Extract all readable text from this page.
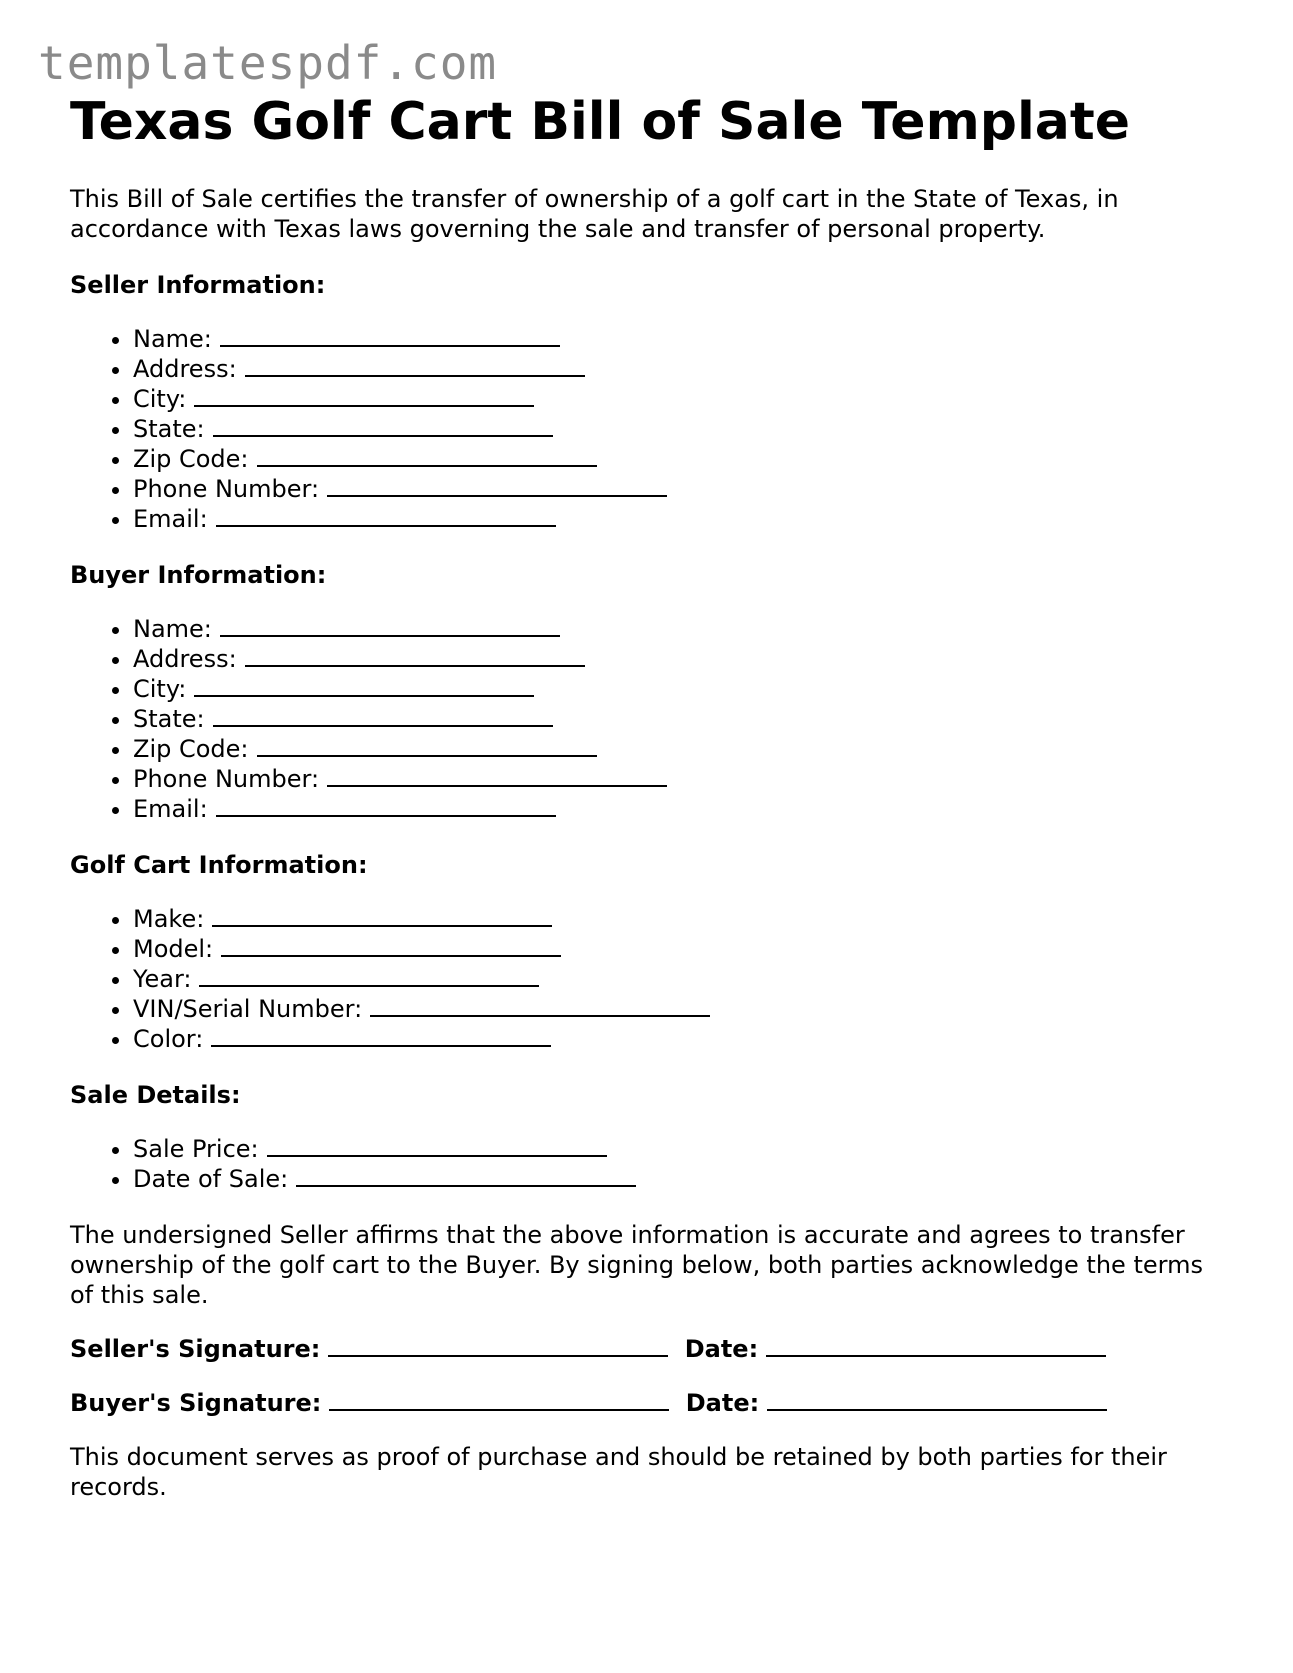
templatespdf.com
Texas Golf Cart Bill of Sale Template

This Bill of Sale certifies the transfer of ownership of a golf cart in the State of Texas, in accordance with Texas laws governing the sale and transfer of personal property.

Seller Information:
• Name:
• Address:
• City:
• State:
• Zip Code:
• Phone Number:
• Email:
Buyer Information:
• Name:
• Address:
• City:
• State:
• Zip Code:
• Phone Number:
• Email:
Golf Cart Information:
• Make:
• Model:
• Year:
• VIN/Serial Number:
• Color:
Sale Details:
• Sale Price:
• Date of Sale:

The undersigned Seller affirms that the above information is accurate and agrees to transfer ownership of the golf cart to the Buyer. By signing below, both parties acknowledge the terms of this sale.

Seller's Signature:	Date:
Buyer's Signature:	Date:

This document serves as proof of purchase and should be retained by both parties for their records.
